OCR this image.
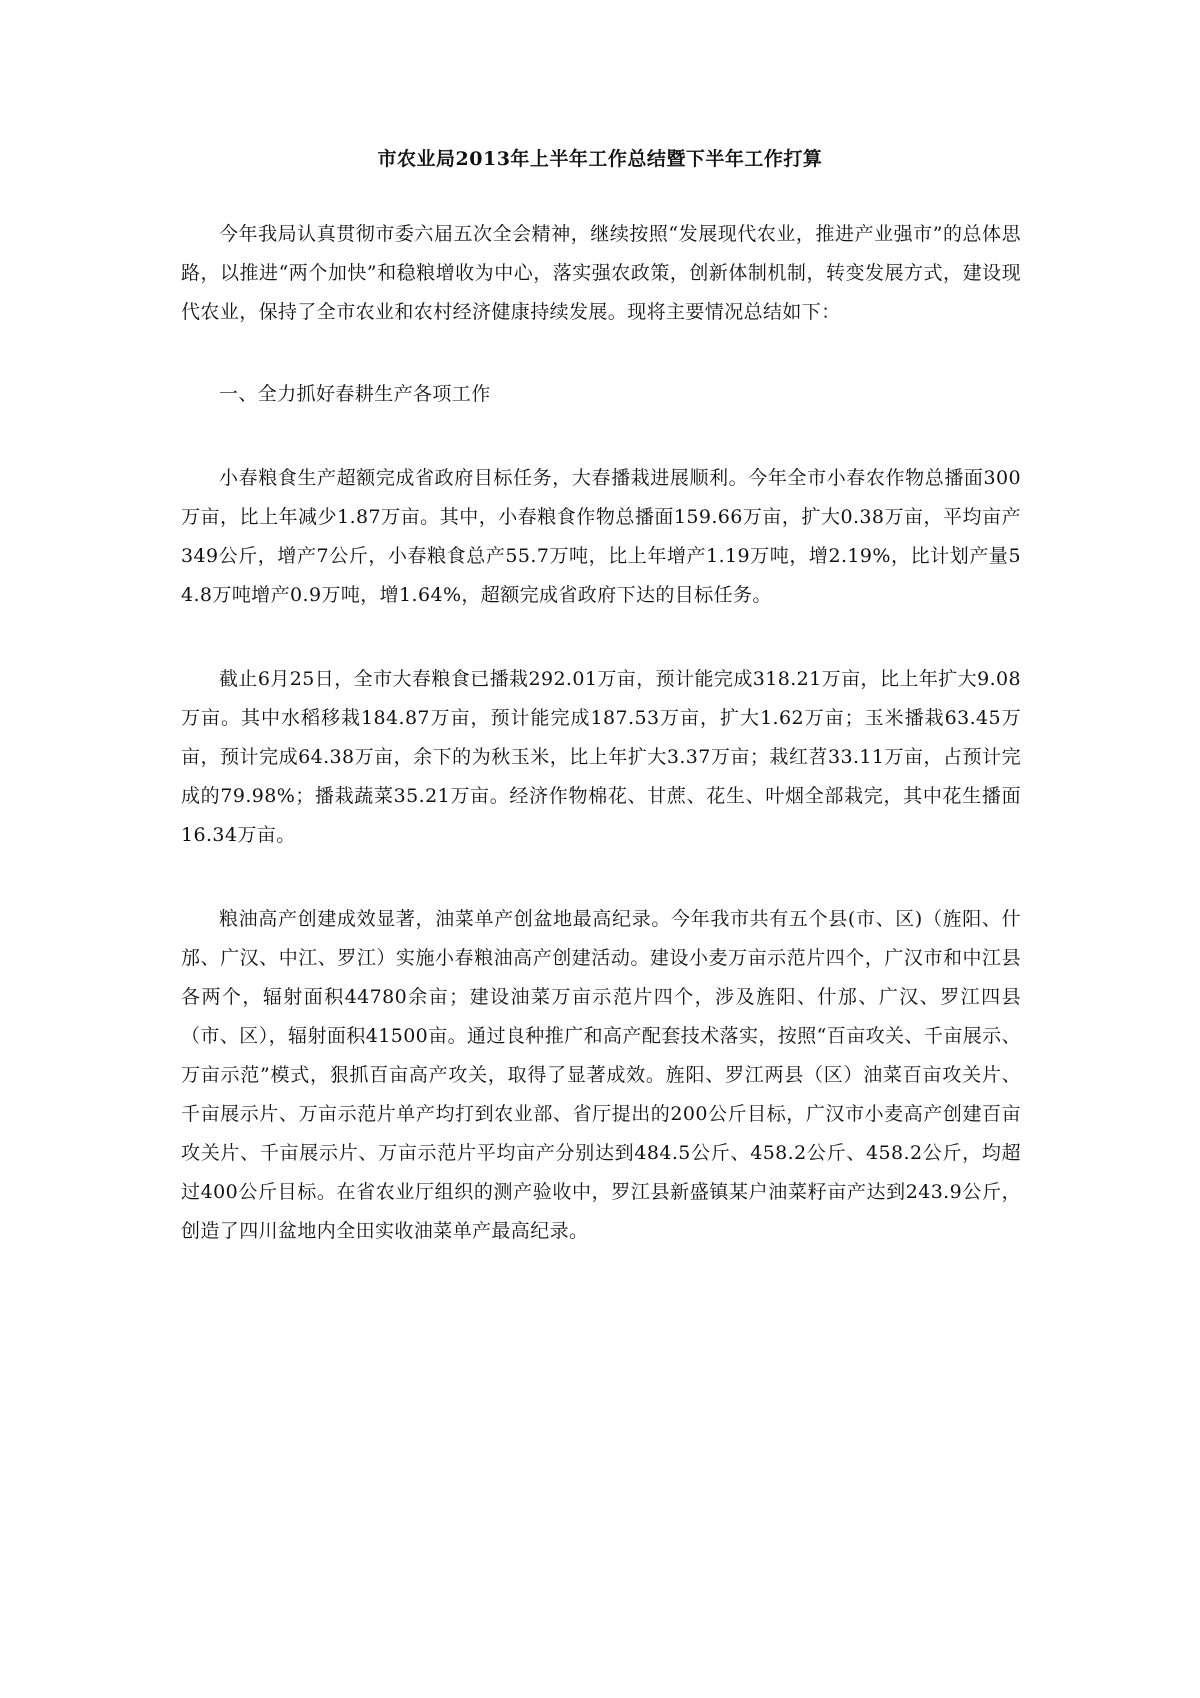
市农业局2013年上半年工作总结暨下半年工作打算

今年我局认真贯彻市委六届五次全会精神，继续按照“发展现代农业，推进产业强市”的总体思路，以推进“两个加快”和稳粮增收为中心，落实强农政策，创新体制机制，转变发展方式，建设现代农业，保持了全市农业和农村经济健康持续发展。现将主要情况总结如下：

一、全力抓好春耕生产各项工作

小春粮食生产超额完成省政府目标任务，大春播栽进展顺利。今年全市小春农作物总播面300万亩，比上年减少1.87万亩。其中，小春粮食作物总播面159.66万亩，扩大0.38万亩，平均亩产349公斤，增产7公斤，小春粮食总产55.7万吨，比上年增产1.19万吨，增2.19%，比计划产量54.8万吨增产0.9万吨，增1.64%，超额完成省政府下达的目标任务。

截止6月25日，全市大春粮食已播栽292.01万亩，预计能完成318.21万亩，比上年扩大9.08万亩。其中水稻移栽184.87万亩，预计能完成187.53万亩，扩大1.62万亩；玉米播栽63.45万亩，预计完成64.38万亩，余下的为秋玉米，比上年扩大3.37万亩；栽红苕33.11万亩，占预计完成的79.98%；播栽蔬菜35.21万亩。经济作物棉花、甘蔗、花生、叶烟全部栽完，其中花生播面16.34万亩。

粮油高产创建成效显著，油菜单产创盆地最高纪录。今年我市共有五个县(市、区)（旌阳、什邡、广汉、中江、罗江）实施小春粮油高产创建活动。建设小麦万亩示范片四个，广汉市和中江县各两个，辐射面积44780余亩；建设油菜万亩示范片四个，涉及旌阳、什邡、广汉、罗江四县（市、区），辐射面积41500亩。通过良种推广和高产配套技术落实，按照“百亩攻关、千亩展示、万亩示范”模式，狠抓百亩高产攻关，取得了显著成效。旌阳、罗江两县（区）油菜百亩攻关片、千亩展示片、万亩示范片单产均打到农业部、省厅提出的200公斤目标，广汉市小麦高产创建百亩攻关片、千亩展示片、万亩示范片平均亩产分别达到484.5公斤、458.2公斤、458.2公斤，均超过400公斤目标。在省农业厅组织的测产验收中，罗江县新盛镇某户油菜籽亩产达到243.9公斤，创造了四川盆地内全田实收油菜单产最高纪录。
